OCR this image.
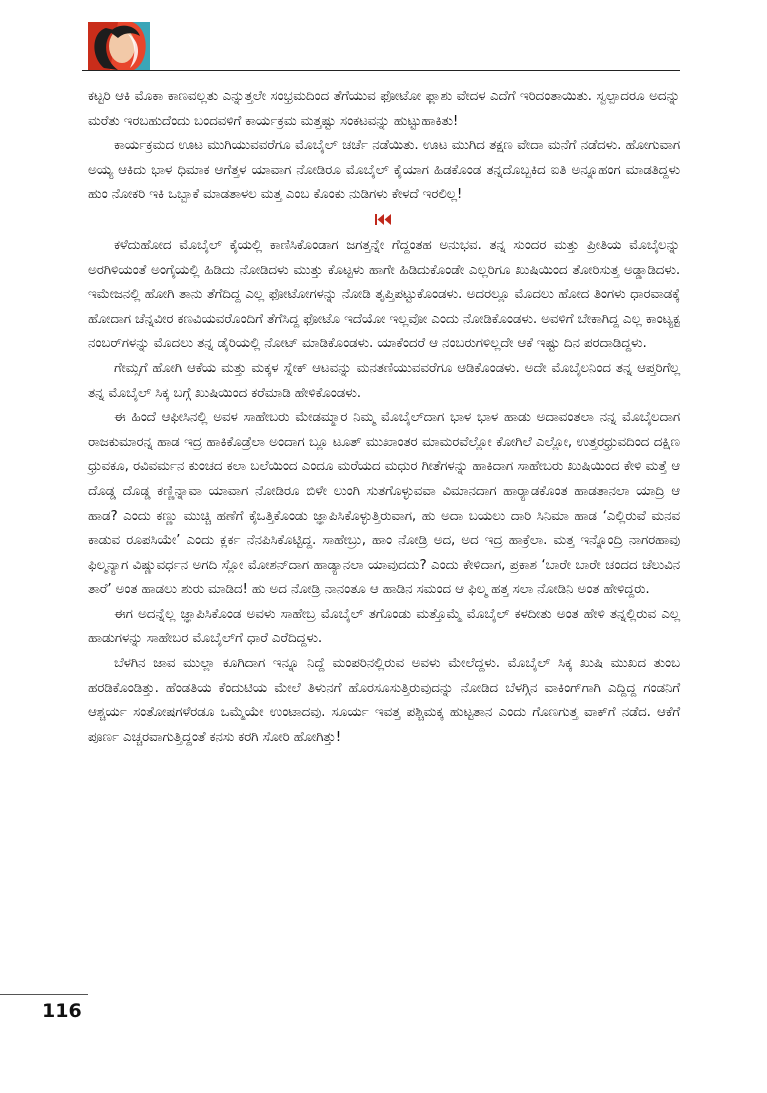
ಕಟ್ಟರಿ ಆಕಿ ಮೊಕಾ ಕಾಣವಲ್ಲತು ಎನ್ನುತ್ತಲೇ ಸಂಭ್ರಮದಿಂದ ತೆಗೆಯುವ ಫೋಟೋ ಫ್ಲಾಶು ವೇದಳ ಎದೆಗೆ ಇರಿದಂತಾಯಿತು. ಸ್ವಲ್ಪಾದರೂ ಅದನ್ನು ಮರೆತು ಇರಬಹುದೆಂದು ಬಂದವಳಿಗೆ ಕಾರ್ಯಕ್ರಮ ಮತ್ತಷ್ಟು ಸಂಕಟವನ್ನು ಹುಟ್ಟುಹಾಕಿತು!

ಕಾರ್ಯಕ್ರಮದ ಊಟ ಮುಗಿಯುವವರೆಗೂ ಮೊಬೈಲ್ ಚರ್ಚೆ ನಡೆಯಿತು. ಊಟ ಮುಗಿದ ತಕ್ಷಣ ವೇದಾ ಮನೆಗೆ ನಡೆದಳು. ಹೋಗುವಾಗ ಅಯ್ಯ ಆಕಿದು ಭಾಳ ಧಿಮಾಕ ಆಗೆತ್ತಳ ಯಾವಾಗ ನೋಡಿರೂ ಮೊಬೈಲ್ ಕೈಯಾಗ ಹಿಡಕೊಂಡ ತನ್ನದೊಬ್ಬಕಿದ ಐತಿ ಅನ್ನೂಹಂಗ ಮಾಡತಿದ್ದಳು ಹುಂ ನೋಕರಿ ಇಕಿ ಒಬ್ಬಾಕೆ ಮಾಡತಾಳಲ ಮತ್ತ ಎಂಬ ಕೊಂಕು ನುಡಿಗಳು ಕೇಳದೆ ಇರಲಿಲ್ಲ!

ಕಳೆದುಹೋದ ಮೊಬೈಲ್ ಕೈಯಲ್ಲಿ ಕಾಣಿಸಿಕೊಂಡಾಗ ಜಗತ್ತನ್ನೇ ಗೆದ್ದಂತಹ ಅನುಭವ. ತನ್ನ ಸುಂದರ ಮತ್ತು ಪ್ರೀತಿಯ ಮೊಬೈಲನ್ನು ಅರಗಿಳಿಯಂತೆ ಅಂಗೈಯಲ್ಲಿ ಹಿಡಿದು ನೋಡಿದಳು ಮುತ್ತು ಕೊಟ್ಟಳು ಹಾಗೇ ಹಿಡಿದುಕೊಂಡೇ ಎಲ್ಲರಿಗೂ ಖುಷಿಯಿಂದ ತೋರಿಸುತ್ತ ಅಡ್ಡಾಡಿದಳು. ಇಮೇಜನಲ್ಲಿ ಹೋಗಿ ತಾನು ತೆಗೆದಿದ್ದ ಎಲ್ಲ ಫೋಟೋಗಳನ್ನು ನೋಡಿ ತೃಪ್ತಿಪಟ್ಟುಕೊಂಡಳು. ಅದರಲ್ಲೂ ಮೊದಲು ಹೋದ ತಿಂಗಳು ಧಾರವಾಡಕ್ಕೆ ಹೋದಾಗ ಚೆನ್ನವೀರ ಕಣವಿಯವರೊಂದಿಗೆ ತೆಗೆಸಿದ್ದ ಫೋಟೊ ಇದೆಯೋ ಇಲ್ಲವೋ ಎಂದು ನೋಡಿಕೊಂಡಳು. ಅವಳಿಗೆ ಬೇಕಾಗಿದ್ದ ಎಲ್ಲ ಕಾಂಟ್ಯಕ್ಟ ನಂಬರ್‌ಗಳನ್ನು ಮೊದಲು ತನ್ನ ಡೈರಿಯಲ್ಲಿ ನೋಟ್ ಮಾಡಿಕೊಂಡಳು. ಯಾಕೆಂದರೆ ಆ ನಂಬರುಗಳಿಲ್ಲದೇ ಆಕೆ ಇಷ್ಟು ದಿನ ಪರದಾಡಿದ್ದಳು.

ಗೇಮ್ಸಗೆ ಹೋಗಿ ಆಕೆಯ ಮತ್ತು ಮಕ್ಕಳ ಸ್ನೇಕ್ ಆಟವನ್ನು ಮನತಣಿಯುವವರೆಗೂ ಆಡಿಕೊಂಡಳು. ಅದೇ ಮೊಬೈಲನಿಂದ ತನ್ನ ಆಪ್ತರಿಗೆಲ್ಲ ತನ್ನ ಮೊಬೈಲ್ ಸಿಕ್ಕ ಬಗ್ಗೆ ಖುಷಿಯಿಂದ ಕರೆಮಾಡಿ ಹೇಳಿಕೊಂಡಳು.

ಈ ಹಿಂದೆ ಆಫೀಸಿನಲ್ಲಿ ಅವಳ ಸಾಹೇಬರು ಮೇಡಮ್ಮಾರ ನಿಮ್ಮ ಮೊಬೈಲ್‌ದಾಗ ಭಾಳ ಭಾಳ ಹಾಡು ಅದಾವಂತಲಾ ನನ್ನ ಮೊಬೈಲದಾಗ ರಾಜಕುಮಾರನ್ನ ಹಾಡ ಇದ್ರ ಹಾಕಿಕೊಡ್ರೆಲಾ ಅಂದಾಗ ಬ್ಲೂ ಟೂತ್ ಮುಖಾಂತರ ಮಾಮರವೆಲ್ಲೋ ಕೋಗಿಲೆ ಎಲ್ಲೋ, ಉತ್ತರಧ್ರುವದಿಂದ ದಕ್ಷಿಣ ಧ್ರುವಕೂ, ರವಿವರ್ಮನ ಕುಂಚದ ಕಲಾ ಬಲೆಯಿಂದ ಎಂದೂ ಮರೆಯದ ಮಧುರ ಗೀತೆಗಳನ್ನು ಹಾಕಿದಾಗ ಸಾಹೇಬರು ಖುಷಿಯಿಂದ ಕೇಳಿ ಮತ್ತೆ ಆ ದೊಡ್ಡ ದೊಡ್ಡ ಕಣ್ಣಿನ್ನಾವಾ ಯಾವಾಗ ನೋಡಿರೂ ಬಿಳೇ ಲುಂಗಿ ಸುತಗೊಳ್ಳುವವಾ ವಿಮಾನದಾಗ ಹಾರ್‍ಯಾಡಕೊಂತ ಹಾಡತಾನಲಾ ಯಾದ್ರಿ ಆ ಹಾಡ? ಎಂದು ಕಣ್ಣು ಮುಚ್ಚಿ ಹಣೆಗೆ ಕೈಒತ್ತಿಕೊಂಡು ಜ್ಞಾಪಿಸಿಕೊಳ್ಳುತ್ತಿರುವಾಗ, ಹು ಅದಾ ಬಯಲು ದಾರಿ ಸಿನಿಮಾ ಹಾಡ ‘ಎಲ್ಲಿರುವೆ ಮನವ ಕಾಡುವ ರೂಪಸಿಯೇ’ ಎಂದು ಕ್ಲರ್ಕ ನೆನಪಿಸಿಕೊಟ್ಟಿದ್ದ. ಸಾಹೇಬ್ರು, ಹಾಂ ನೋಡ್ರಿ ಅದ, ಅದ ಇದ್ರ ಹಾಕ್ರೆಲಾ. ಮತ್ತ ಇನ್ನೊಂದ್ರಿ ನಾಗರಹಾವು ಫಿಲ್ಮನ್ಯಾಗ ವಿಷ್ಣುವರ್ಧನ ಅಗದಿ ಸ್ಲೋ ಮೋಶನ್‌ದಾಗ ಹಾಡ್ಯಾನಲಾ ಯಾವುದದು? ಎಂದು ಕೇಳಿದಾಗ, ಪ್ರಕಾಶ ‘ಬಾರೇ ಬಾರೇ ಚಂದದ ಚೆಲುವಿನ ತಾರೆ’ ಅಂತ ಹಾಡಲು ಶುರು ಮಾಡಿದ! ಹು ಅದ ನೋಡ್ರಿ ನಾನಂತೂ ಆ ಹಾಡಿನ ಸಮಂದ ಆ ಫಿಲ್ಮ ಹತ್ತ ಸಲಾ ನೋಡಿನಿ ಅಂತ ಹೇಳಿದ್ದರು.

ಈಗ ಅದನ್ನೆಲ್ಲ ಜ್ಞಾಪಿಸಿಕೊಂಡ ಅವಳು ಸಾಹೇಬ್ರ ಮೊಬೈಲ್ ತಗೊಂಡು ಮತ್ತೊಮ್ಮೆ ಮೊಬೈಲ್ ಕಳದೀತು ಅಂತ ಹೇಳಿ ತನ್ನಲ್ಲಿರುವ ಎಲ್ಲ ಹಾಡುಗಳನ್ನು ಸಾಹೇಬರ ಮೊಬೈಲ್‌ಗೆ ಧಾರೆ ಎರೆದಿದ್ದಳು.

ಬೆಳಗಿನ ಜಾವ ಮುಲ್ಲಾ ಕೂಗಿದಾಗ ಇನ್ನೂ ನಿದ್ದೆ ಮಂಪರಿನಲ್ಲಿರುವ ಅವಳು ಮೇಲೆದ್ದಳು. ಮೊಬೈಲ್ ಸಿಕ್ಕ ಖುಷಿ ಮುಖದ ತುಂಬ ಹರಡಿಕೊಂಡಿತ್ತು. ಹೆಂಡತಿಯ ಕೆಂದುಟಿಯ ಮೇಲೆ ತಿಳುನಗೆ ಹೊರಸೂಸುತ್ತಿರುವುದನ್ನು ನೋಡಿದ ಬೆಳಗ್ಗಿನ ವಾಕಿಂಗ್‌ಗಾಗಿ ಎದ್ದಿದ್ದ ಗಂಡನಿಗೆ ಆಶ್ಚರ್ಯ ಸಂತೋಷಗಳೆರಡೂ ಒಮ್ಮೆಯೇ ಉಂಟಾದವು. ಸೂರ್ಯ ಇವತ್ತ ಪಶ್ಚಿಮಕ್ಕ ಹುಟ್ಟತಾನ ಎಂದು ಗೊಣಗುತ್ತ ವಾಕ್‌ಗೆ ನಡೆದ. ಆಕೆಗೆ ಪೂರ್ಣ ಎಚ್ಚರವಾಗುತ್ತಿದ್ದಂತೆ ಕನಸು ಕರಗಿ ಸೋರಿ ಹೋಗಿತ್ತು!

116
